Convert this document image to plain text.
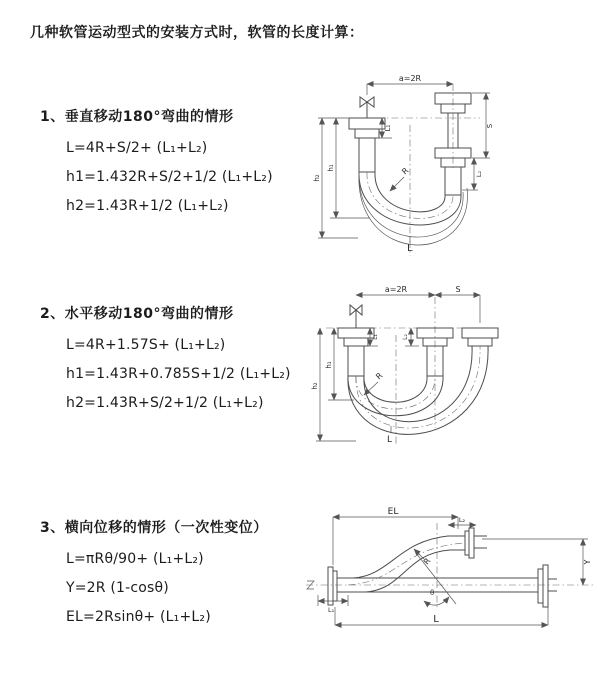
几种软管运动型式的安装方式时，软管的长度计算：
1、垂直移动180°弯曲的情形
L=4R+S/2+ (L₁+L₂)
h1=1.432R+S/2+1/2 (L₁+L₂)
h2=1.43R+1/2 (L₁+L₂)
2、水平移动180°弯曲的情形
L=4R+1.57S+ (L₁+L₂)
h1=1.43R+0.785S+1/2 (L₁+L₂)
h2=1.43R+S/2+1/2 (L₁+L₂)
3、横向位移的情形（一次性变位）
L=πRθ/90+ (L₁+L₂)
Y=2R (1-cosθ)
EL=2Rsinθ+ (L₁+L₂)
a=2R
L₁
h₁
h₂
S
L₂
R
L
a=2R	S
h₁
h₂
L₁	L₂
R
L
EL
L₂
Y
θ
R
L₁
L
